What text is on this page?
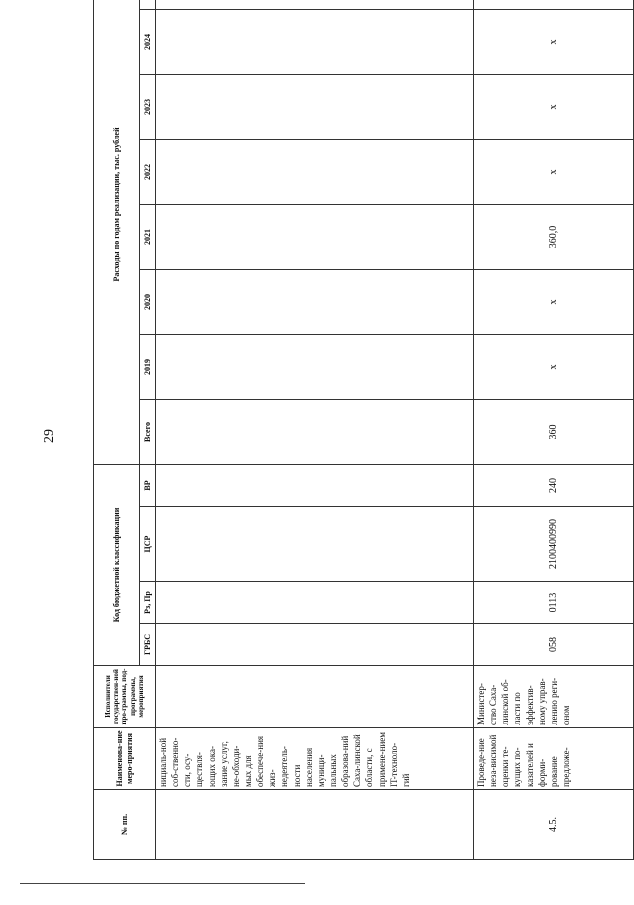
29
№ пп.	Наименова-ние меро-приятия	Исполнители государствен-ной про-граммы, под-программы, мероприятия	Код бюджетной классификации				Расходы по годам реализации, тыс. рублей							
			ГРБС	Рз, Пр	ЦСР	ВР	Всего	2019	2020	2021	2022	2023	2024	
	нициаль-ной соб-ственно-сти, осу-ществля-ющих ока-зание услуг, не-обходи-мых для обеспече-ния жиз-недеятель-ности населения муници-пальных образова-ний Саха-линской области, с примене-нием IT-техноло-гий													
4.5.	Проведе-ние неза-висимой оценки те-кущих по-казателей и форми-рование предложе-	Министер-ство Саха-линской об-ласти по эффектив-ному управ-лению реги-оном	058	0113	2100400990	240	360	х	х	360,0	х	х	х	
